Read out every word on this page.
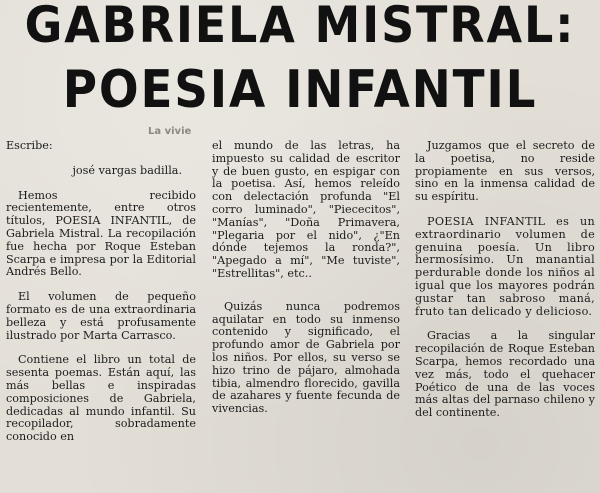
La vivie
GABRIELA MISTRAL:
POESIA INFANTIL

Escribe:

josé vargas badilla.

Hemos recibido recientemente, entre otros títulos, POESIA INFANTIL, de Gabriela Mistral. La recopilación fue hecha por Roque Esteban Scarpa e impresa por la Editorial Andrés Bello.

El volumen de pequeño formato es de una extraordinaria belleza y está profusamente ilustrado por Marta Carrasco.

Contiene el libro un total de sesenta poemas. Están aquí, las más bellas e inspiradas composiciones de Gabriela, dedicadas al mundo infantil. Su recopilador, sobradamente conocido en

el mundo de las letras, ha impuesto su calidad de escritor y de buen gusto, en espigar con la poetisa. Así, hemos releído con delectación profunda "El corro luminado", "Piececitos", "Manías", "Doña Primavera, "Plegaria por el nido", ¿"En dónde tejemos la ronda?", "Apegado a mí", "Me tuviste", "Estrellitas", etc..

Quizás nunca podremos aquilatar en todo su inmenso contenido y significado, el profundo amor de Gabriela por los niños. Por ellos, su verso se hizo trino de pájaro, almohada tibia, almendro florecido, gavilla de azahares y fuente fecunda de vivencias.

Juzgamos que el secreto de la poetisa, no reside propiamente en sus versos, sino en la inmensa calidad de su espíritu.

POESIA INFANTIL es un extraordinario volumen de genuina poesía. Un libro hermosísimo. Un manantial perdurable donde los niños al igual que los mayores podrán gustar tan sabroso maná, fruto tan delicado y delicioso.

Gracias a la singular recopilación de Roque Esteban Scarpa, hemos recordado una vez más, todo el quehacer Poético de una de las voces más altas del parnaso chileno y del continente.
